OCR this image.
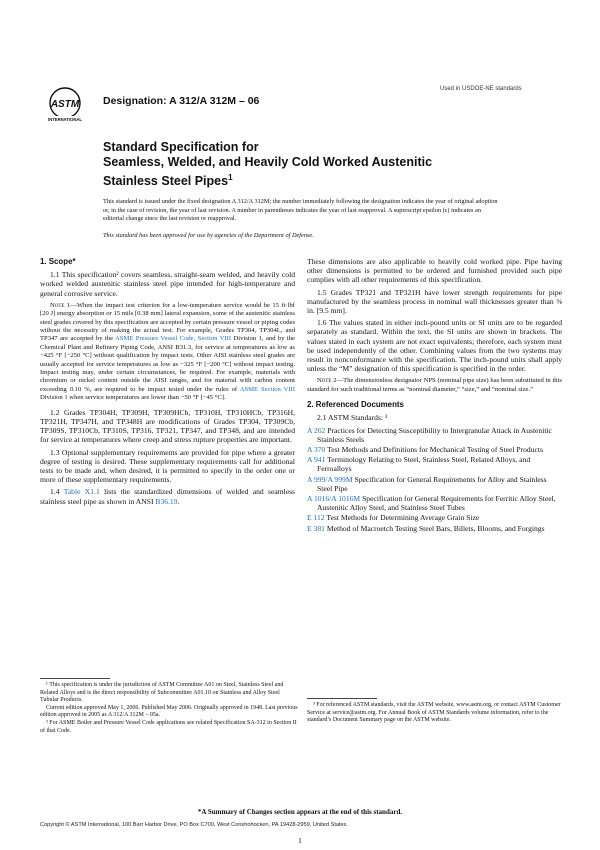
ASTM
INTERNATIONAL
Designation: A 312/A 312M – 06
Used in USDOE-NE standards
Standard Specification for
Seamless, Welded, and Heavily Cold Worked Austenitic
Stainless Steel Pipes$^1$
This standard is issued under the fixed designation A 312/A 312M; the number immediately following the designation indicates the year of original adoption or, in the case of revision, the year of last revision. A number in parentheses indicates the year of last reapproval. A superscript epsilon (ε) indicates an editorial change since the last revision or reapproval.
This standard has been approved for use by agencies of the Department of Defense.
1. Scope*

1.1 This specification² covers seamless, straight-seam welded, and heavily cold worked welded austenitic stainless steel pipe intended for high-temperature and general corrosive service.

Note 1—When the impact test criterion for a low-temperature service would be 15 ft·lbf [20 J] energy absorption or 15 mils [0.38 mm] lateral expansion, some of the austenitic stainless steel grades covered by this specification are accepted by certain pressure vessel or piping codes without the necessity of making the actual test. For example, Grades TP304, TP304L, and TP347 are accepted by the ASME Pressure Vessel Code, Section VIII Division 1, and by the Chemical Plant and Refinery Piping Code, ANSI B31.3, for service at temperatures as low as −425 °F [−250 °C] without qualification by impact tests. Other AISI stainless steel grades are usually accepted for service temperatures as low as −325 °F [−200 °C] without impact testing. Impact testing may, under certain circumstances, be required. For example, materials with chromium or nickel content outside the AISI ranges, and for material with carbon content exceeding 0.10 %, are required to be impact tested under the rules of ASME Section VIII Division 1 when service temperatures are lower than −50 °F [−45 °C].

1.2 Grades TP304H, TP309H, TP309HCb, TP310H, TP310HCb, TP316H, TP321H, TP347H, and TP348H are modifications of Grades TP304, TP309Cb, TP309S, TP310Cb, TP310S, TP316, TP321, TP347, and TP348, and are intended for service at temperatures where creep and stress rupture properties are important.

1.3 Optional supplementary requirements are provided for pipe where a greater degree of testing is desired. These supplementary requirements call for additional tests to be made and, when desired, it is permitted to specify in the order one or more of these supplementary requirements.

1.4 Table X1.1 lists the standardized dimensions of welded and seamless stainless steel pipe as shown in ANSI B36.19.

These dimensions are also applicable to heavily cold worked pipe. Pipe having other dimensions is permitted to be ordered and furnished provided such pipe complies with all other requirements of this specification.

1.5 Grades TP321 and TP321H have lower strength requirements for pipe manufactured by the seamless process in nominal wall thicknesses greater than ⅜ in. [9.5 mm].

1.6 The values stated in either inch-pound units or SI units are to be regarded separately as standard. Within the text, the SI units are shown in brackets. The values stated in each system are not exact equivalents; therefore, each system must be used independently of the other. Combining values from the two systems may result in nonconformance with the specification. The inch-pound units shall apply unless the “M” designation of this specification is specified in the order.

Note 2—The dimensionless designator NPS (nominal pipe size) has been substituted in this standard for such traditional terms as “nominal diameter,” “size,” and “nominal size.”

2. Referenced Documents

2.1 ASTM Standards: ³

A 262 Practices for Detecting Susceptibility to Intergranular Attack in Austenitic Stainless Steels
A 370 Test Methods and Definitions for Mechanical Testing of Steel Products
A 941 Terminology Relating to Steel, Stainless Steel, Related Alloys, and Ferroalloys
A 999/A 999M Specification for General Requirements for Alloy and Stainless Steel Pipe
A 1016/A 1016M Specification for General Requirements for Ferritic Alloy Steel, Austenitic Alloy Steel, and Stainless Steel Tubes
E 112 Test Methods for Determining Average Grain Size
E 381 Method of Macroetch Testing Steel Bars, Billets, Blooms, and Forgings

¹ This specification is under the jurisdiction of ASTM Committee A01 on Steel, Stainless Steel and Related Alloys and is the direct responsibility of Subcommittee A01.10 on Stainless and Alloy Steel Tubular Products.

Current edition approved May 1, 2006. Published May 2006. Originally approved in 1948. Last previous edition approved in 2005 as A 312/A 312M – 05a.

² For ASME Boiler and Pressure Vessel Code applications see related Specification SA-312 in Section II of that Code.

³ For referenced ASTM standards, visit the ASTM website, www.astm.org, or contact ASTM Customer Service at service@astm.org. For Annual Book of ASTM Standards volume information, refer to the standard’s Document Summary page on the ASTM website.

*A Summary of Changes section appears at the end of this standard.
Copyright © ASTM International, 100 Barr Harbor Drive, PO Box C700, West Conshohocken, PA 19428-2959, United States.
1
